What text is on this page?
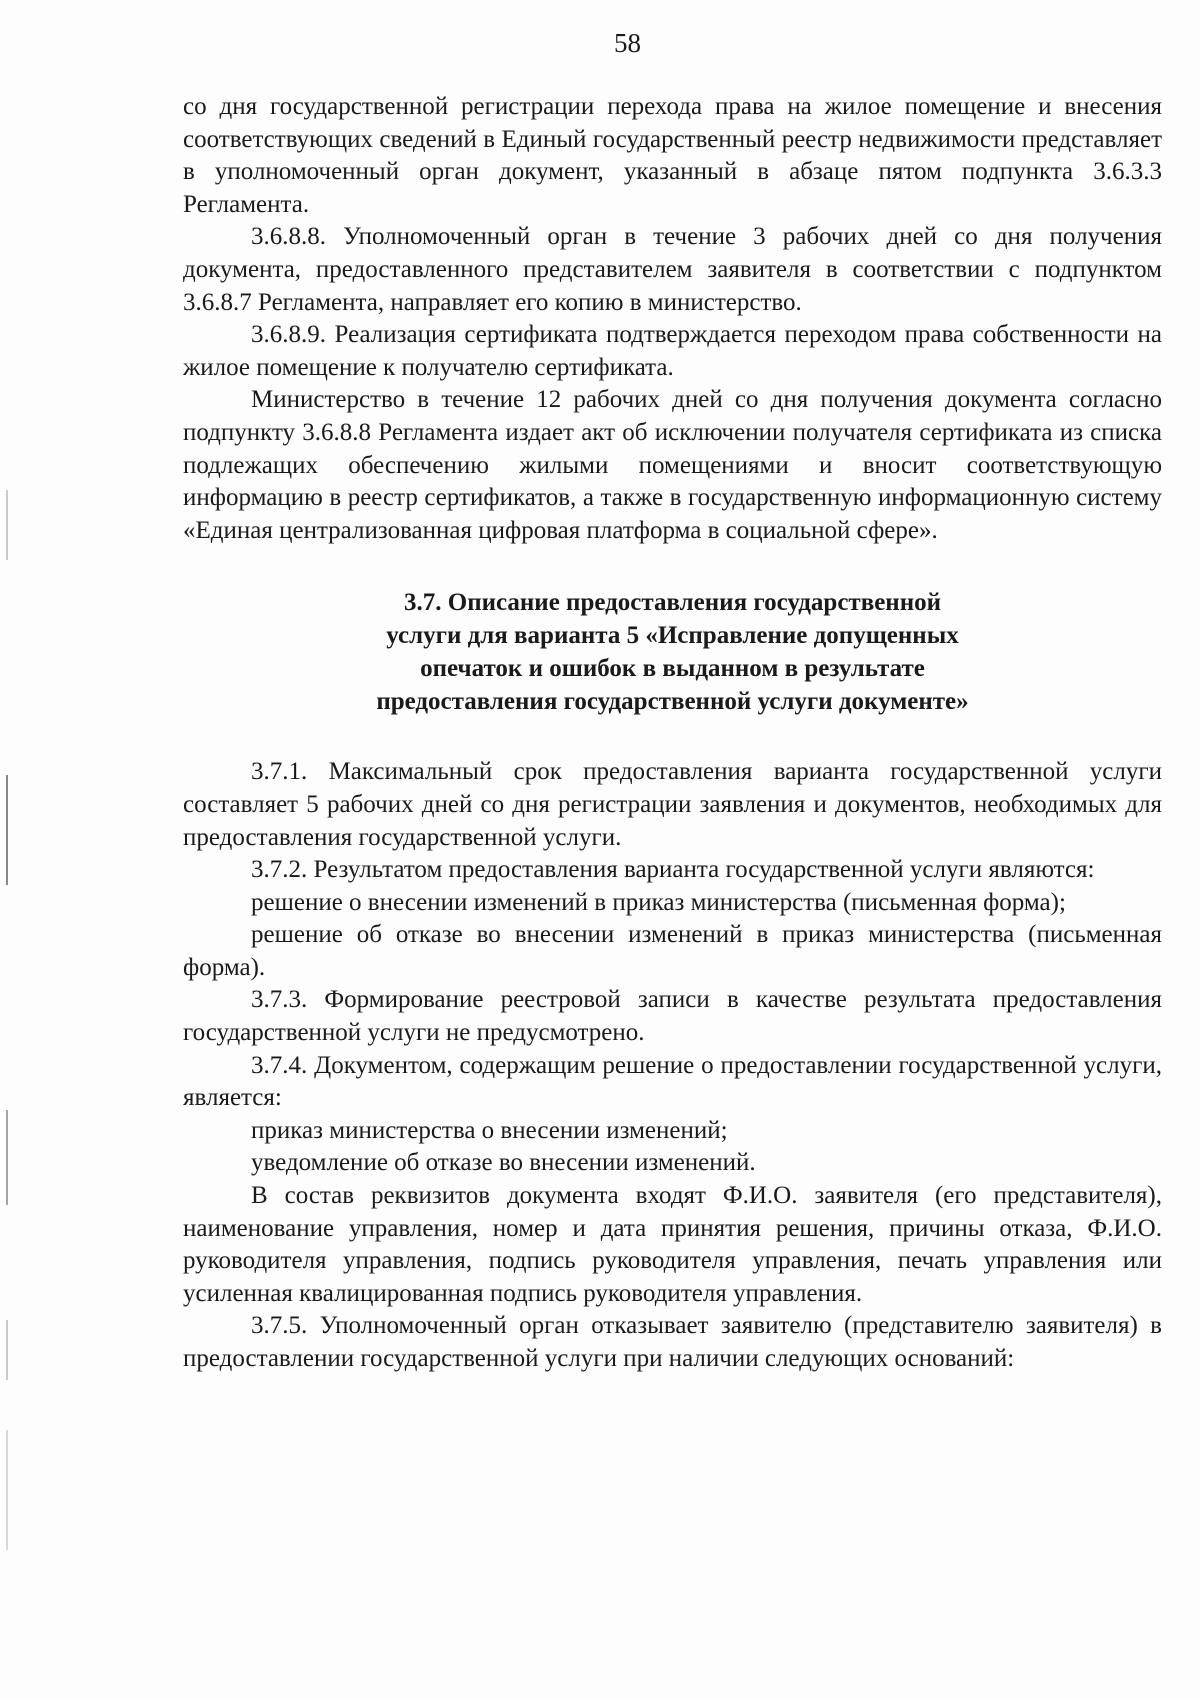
58

со дня государственной регистрации перехода права на жилое помещение и внесения соответствующих сведений в Единый государственный реестр недвижимости представляет в уполномоченный орган документ, указанный в абзаце пятом подпункта 3.6.3.3 Регламента.

3.6.8.8. Уполномоченный орган в течение 3 рабочих дней со дня получения документа, предоставленного представителем заявителя в соответствии с подпунктом 3.6.8.7 Регламента, направляет его копию в министерство.

3.6.8.9. Реализация сертификата подтверждается переходом права собственности на жилое помещение к получателю сертификата.

Министерство в течение 12 рабочих дней со дня получения документа согласно подпункту 3.6.8.8 Регламента издает акт об исключении получателя сертификата из списка подлежащих обеспечению жилыми помещениями и вносит соответствующую информацию в реестр сертификатов, а также в государственную информационную систему «Единая централизованная цифровая платформа в социальной сфере».

3.7. Описание предоставления государственной
услуги для варианта 5 «Исправление допущенных
опечаток и ошибок в выданном в результате
предоставления государственной услуги документе»

3.7.1. Максимальный срок предоставления варианта государственной услуги составляет 5 рабочих дней со дня регистрации заявления и документов, необходимых для предоставления государственной услуги.

3.7.2. Результатом предоставления варианта государственной услуги являются:

решение о внесении изменений в приказ министерства (письменная форма);

решение об отказе во внесении изменений в приказ министерства (письменная форма).

3.7.3. Формирование реестровой записи в качестве результата предоставления государственной услуги не предусмотрено.

3.7.4. Документом, содержащим решение о предоставлении государственной услуги, является:

приказ министерства о внесении изменений;

уведомление об отказе во внесении изменений.

В состав реквизитов документа входят Ф.И.О. заявителя (его представителя), наименование управления, номер и дата принятия решения, причины отказа, Ф.И.О. руководителя управления, подпись руководителя управления, печать управления или усиленная квалицированная подпись руководителя управления.

3.7.5. Уполномоченный орган отказывает заявителю (представителю заявителя) в предоставлении государственной услуги при наличии следующих оснований:
